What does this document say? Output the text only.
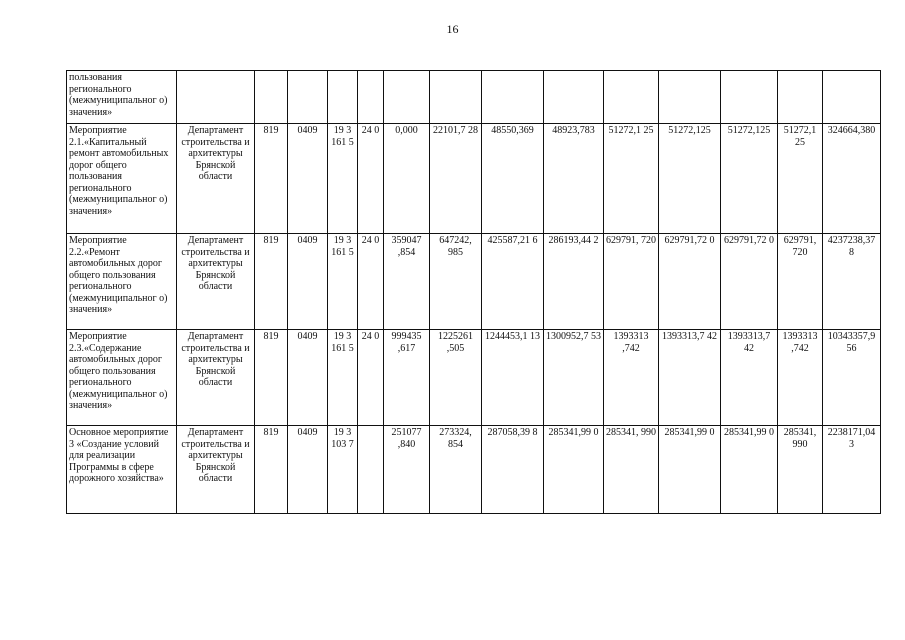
16
пользования регионального (межмуниципальног о) значения»														
Мероприятие 2.1.«Капитальный ремонт автомобильных дорог общего пользования регионального (межмуниципальног о) значения»	Департамент строительства и архитектуры Брянской области	819	0409	19 3 161 5	24 0	0,000	22101,7 28	48550,369	48923,783	51272,1 25	51272,125	51272,125	51272,1 25	324664,380
Мероприятие 2.2.«Ремонт автомобильных дорог общего пользования регионального (межмуниципальног о) значения»	Департамент строительства и архитектуры Брянской области	819	0409	19 3 161 5	24 0	359047 ,854	647242, 985	425587,21 6	286193,44 2	629791, 720	629791,72 0	629791,72 0	629791, 720	4237238,37 8
Мероприятие 2.3.«Содержание автомобильных дорог общего пользования регионального (межмуниципальног о) значения»	Департамент строительства и архитектуры Брянской области	819	0409	19 3 161 5	24 0	999435 ,617	1225261 ,505	1244453,1 13	1300952,7 53	1393313 ,742	1393313,7 42	1393313,7 42	1393313 ,742	10343357,9 56
Основное мероприятие 3 «Создание условий для реализации Программы в сфере дорожного хозяйства»	Департамент строительства и архитектуры Брянской области	819	0409	19 3 103 7		251077 ,840	273324, 854	287058,39 8	285341,99 0	285341, 990	285341,99 0	285341,99 0	285341, 990	2238171,04 3
